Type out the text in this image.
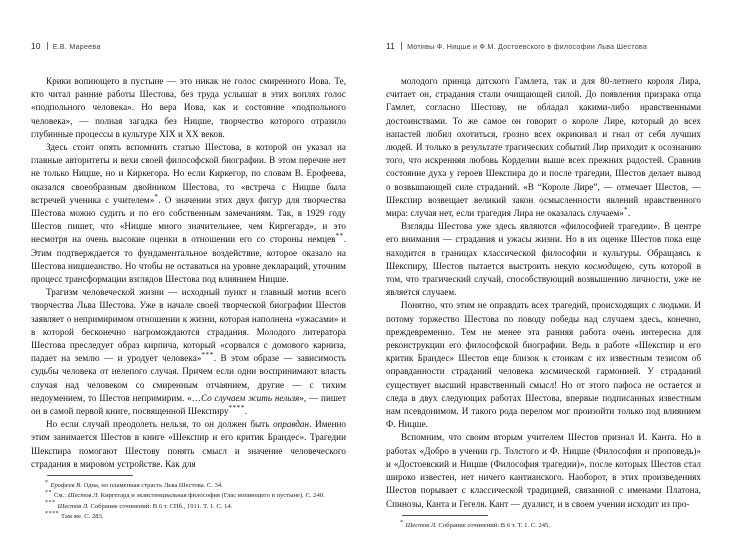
10 Е.В. Мареева

Крики вопиющего в пустыне — это никак не голос смиренного Иова. Те, кто читал ранние работы Шестова, без труда услышат в этих воплях голос «подпольного человека». Но вера Иова, как и состояние «подпольного человека», — полная загадка без Ницше, творчество которого отразило глубинные процессы в культуре XIX и XX веков.

Здесь стоит опять вспомнить статью Шестова, в которой он указал на главные авторитеты и вехи своей философской биографии. В этом перечне нет не только Ницше, но и Киркегора. Но если Киркегор, по словам В. Ерофеева, оказался своеобразным двойником Шестова, то «встреча с Ницше была встречей ученика с учителем»*. О значении этих двух фигур для творчества Шестова можно судить и по его собственным замечаниям. Так, в 1929 году Шестов пишет, что «Ницше много значительнее, чем Киргегард», и это несмотря на очень высокие оценки в отношении его со стороны немцев**. Этим подтверждается то фундаментальное воздействие, которое оказало на Шестова ницшеанство. Но чтобы не оставаться на уровне деклараций, уточним процесс трансформации взглядов Шестова под влиянием Ницше.

Трагизм человеческой жизни — исходный пункт и главный мотив всего творчества Льва Шестова. Уже в начале своей творческой биографии Шестов заявляет о непримиримом отношении к жизни, которая наполнена «ужасами» и в которой бесконечно нагромождаются страдания. Молодого литератора Шестова преследует образ кирпича, который «сорвался с домового карниза, падает на землю — и уродует человека»***. В этом образе — зависимость судьбы человека от нелепого случая. Причем если одни воспринимают власть случая над человеком со смиренным отчаянием, другие — с тихим недоумением, то Шестов непримирим. «…Со случаем жить нельзя», — пишет он в самой первой книге, посвященной Шекспиру****.

Но если случай преодолеть нельзя, то он должен быть оправдан. Именно этим занимается Шестов в книге «Шекспир и его критик Брандес». Трагедии Шекспира помогают Шестову понять смысл и значение человеческого страдания в мировом устройстве. Как для

* Ерофеев В. Одна, но пламенная страсть Льва Шестова. С. 34.

** См.: Шестов Л. Киргегард и экзистенциальная философия (Глас вопиющего в пустыне). С. 240.

*** Шестов Л. Собрание сочинений: В 6 т. СПб., 1911. Т. 1. С. 14.

**** Там же. С. 283.

11 Мотивы Ф. Ницше и Ф.М. Достоевского в философии Льва Шестова

молодого принца датского Гамлета, так и для 80-летнего короля Лира, считает он, страдания стали очищающей силой. До появления призрака отца Гамлет, согласно Шестову, не обладал какими-либо нравственными достоинствами. То же самое он говорит о короле Лире, который до всех напастей любил охотиться, грозно всех окрикивал и гнал от себя лучших людей. И только в результате трагических событий Лир приходит к осознанию того, что искренняя любовь Корделии выше всех прежних радостей. Сравнив состояние духа у героев Шекспира до и после трагедии, Шестов делает вывод о возвышающей силе страданий. «В “Короле Лире”, — отмечает Шестов, — Шекспир возвещает великий закон осмысленности явлений нравственного мира: случая нет, если трагедия Лира не оказалась случаем»*.

Взгляды Шестова уже здесь являются «философией трагедии». В центре его внимания — страдания и ужасы жизни. Но в их оценке Шестов пока еще находится в границах классической философии и культуры. Обращаясь к Шекспиру, Шестов пытается выстроить некую космодицею, суть которой в том, что трагический случай, способствующий возвышению личности, уже не является случаем.

Понятно, что этим не оправдать всех трагедий, происходящих с людьми. И потому торжество Шестова по поводу победы над случаем здесь, конечно, преждевременно. Тем не менее эта ранняя работа очень интересна для реконструкции его философской биографии. Ведь в работе «Шекспир и его критик Брандес» Шестов еще близок к стоикам с их известным тезисом об оправданности страданий человека космической гармонией. У страданий существует высший нравственный смысл! Но от этого пафоса не остается и следа в двух следующих работах Шестова, впервые подписанных известным нам псевдонимом. И такого рода перелом мог произойти только под влиянием Ф. Ницше.

Вспомним, что своим вторым учителем Шестов признал И. Канта. Но в работах «Добро в учении гр. Толстого и Ф. Ницше (Философия и проповедь)» и «Достоевский и Ницше (Философия трагедии)», после которых Шестов стал широко известен, нет ничего кантианского. Наоборот, в этих произведениях Шестов порывает с классической традицией, связанной с именами Платона, Спинозы, Канта и Гегеля. Кант — дуалист, и в своем учении исходит из про-

* Шестов Л. Собрание сочинений: В 6 т. Т. 1. С. 245.
